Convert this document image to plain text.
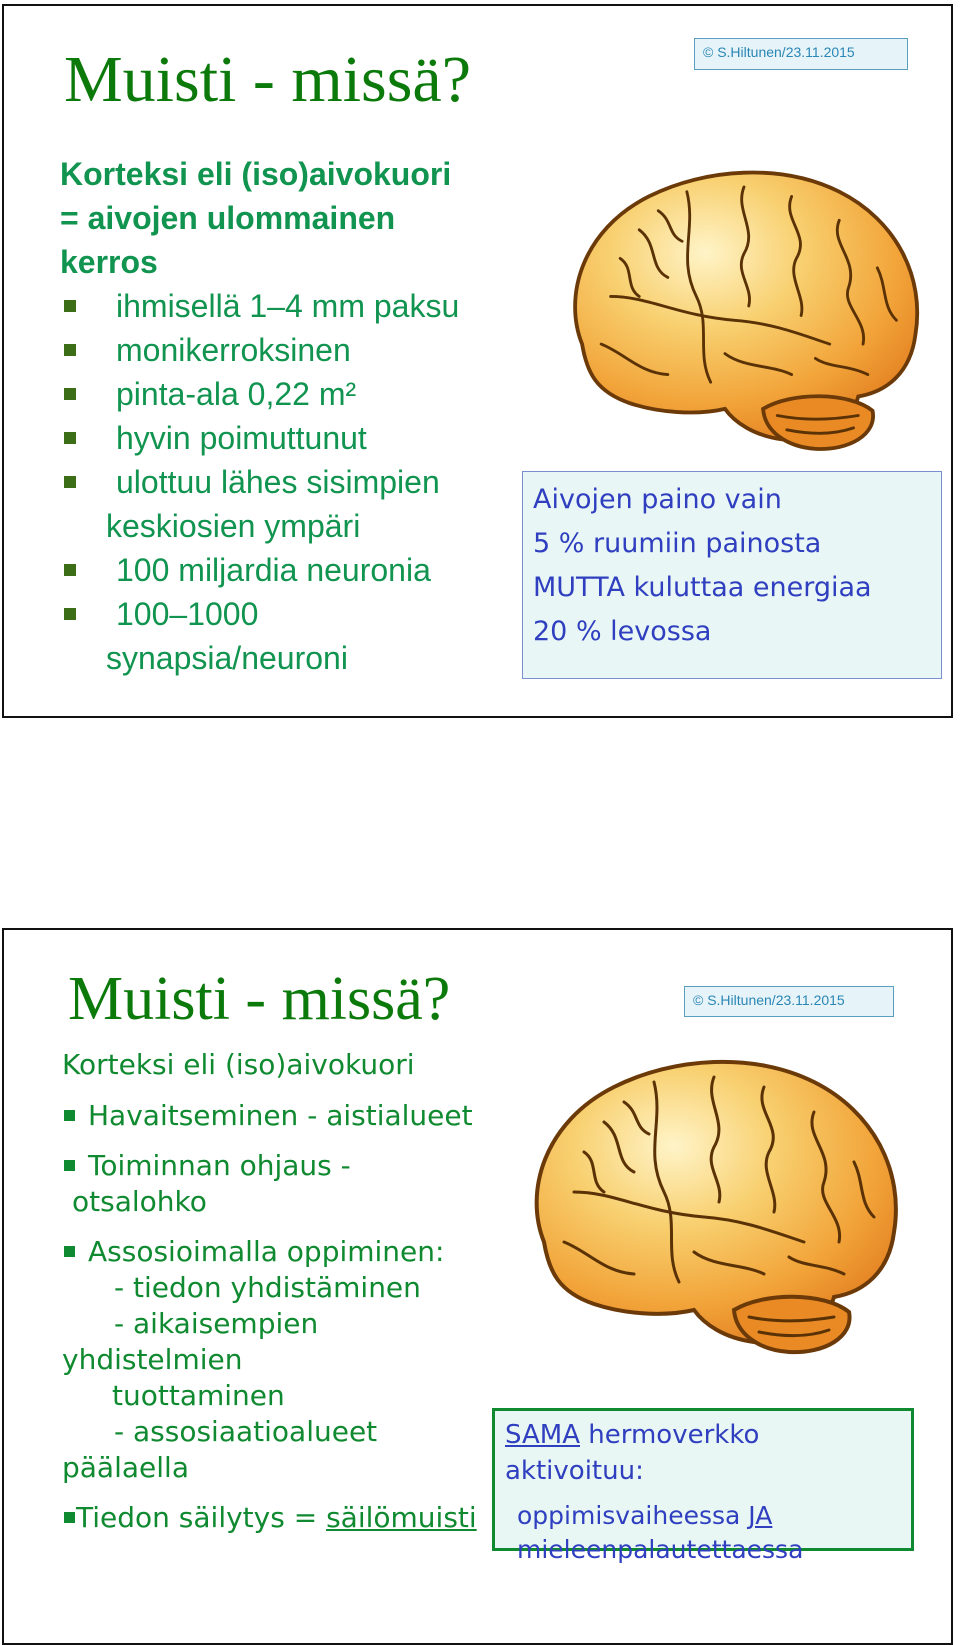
Muisti - missä?	© S.Hiltunen/23.11.2015
Korteksi eli (iso)aivokuori
= aivojen ulommainen
kerros
ihmisellä 1–4 mm paksu
monikerroksinen
pinta-ala 0,22 m²
hyvin poimuttunut
ulottuu lähes sisimpien
keskiosien ympäri
100 miljardia neuronia
100–1000
synapsia/neuroni
Aivojen paino vain
5 % ruumiin painosta
MUTTA kuluttaa energiaa
20 % levossa
Muisti - missä?	© S.Hiltunen/23.11.2015
Korteksi eli (iso)aivokuori
Havaitseminen - aistialueet
Toiminnan ohjaus -
otsalohko
Assosioimalla oppiminen:
- tiedon yhdistäminen
- aikaisempien
yhdistelmien
tuottaminen
- assosiaatioalueet
päälaella
Tiedon säilytys = säilömuisti
SAMA hermoverkko aktivoituu:
oppimisvaiheessa JA
mieleenpalautettaessa
